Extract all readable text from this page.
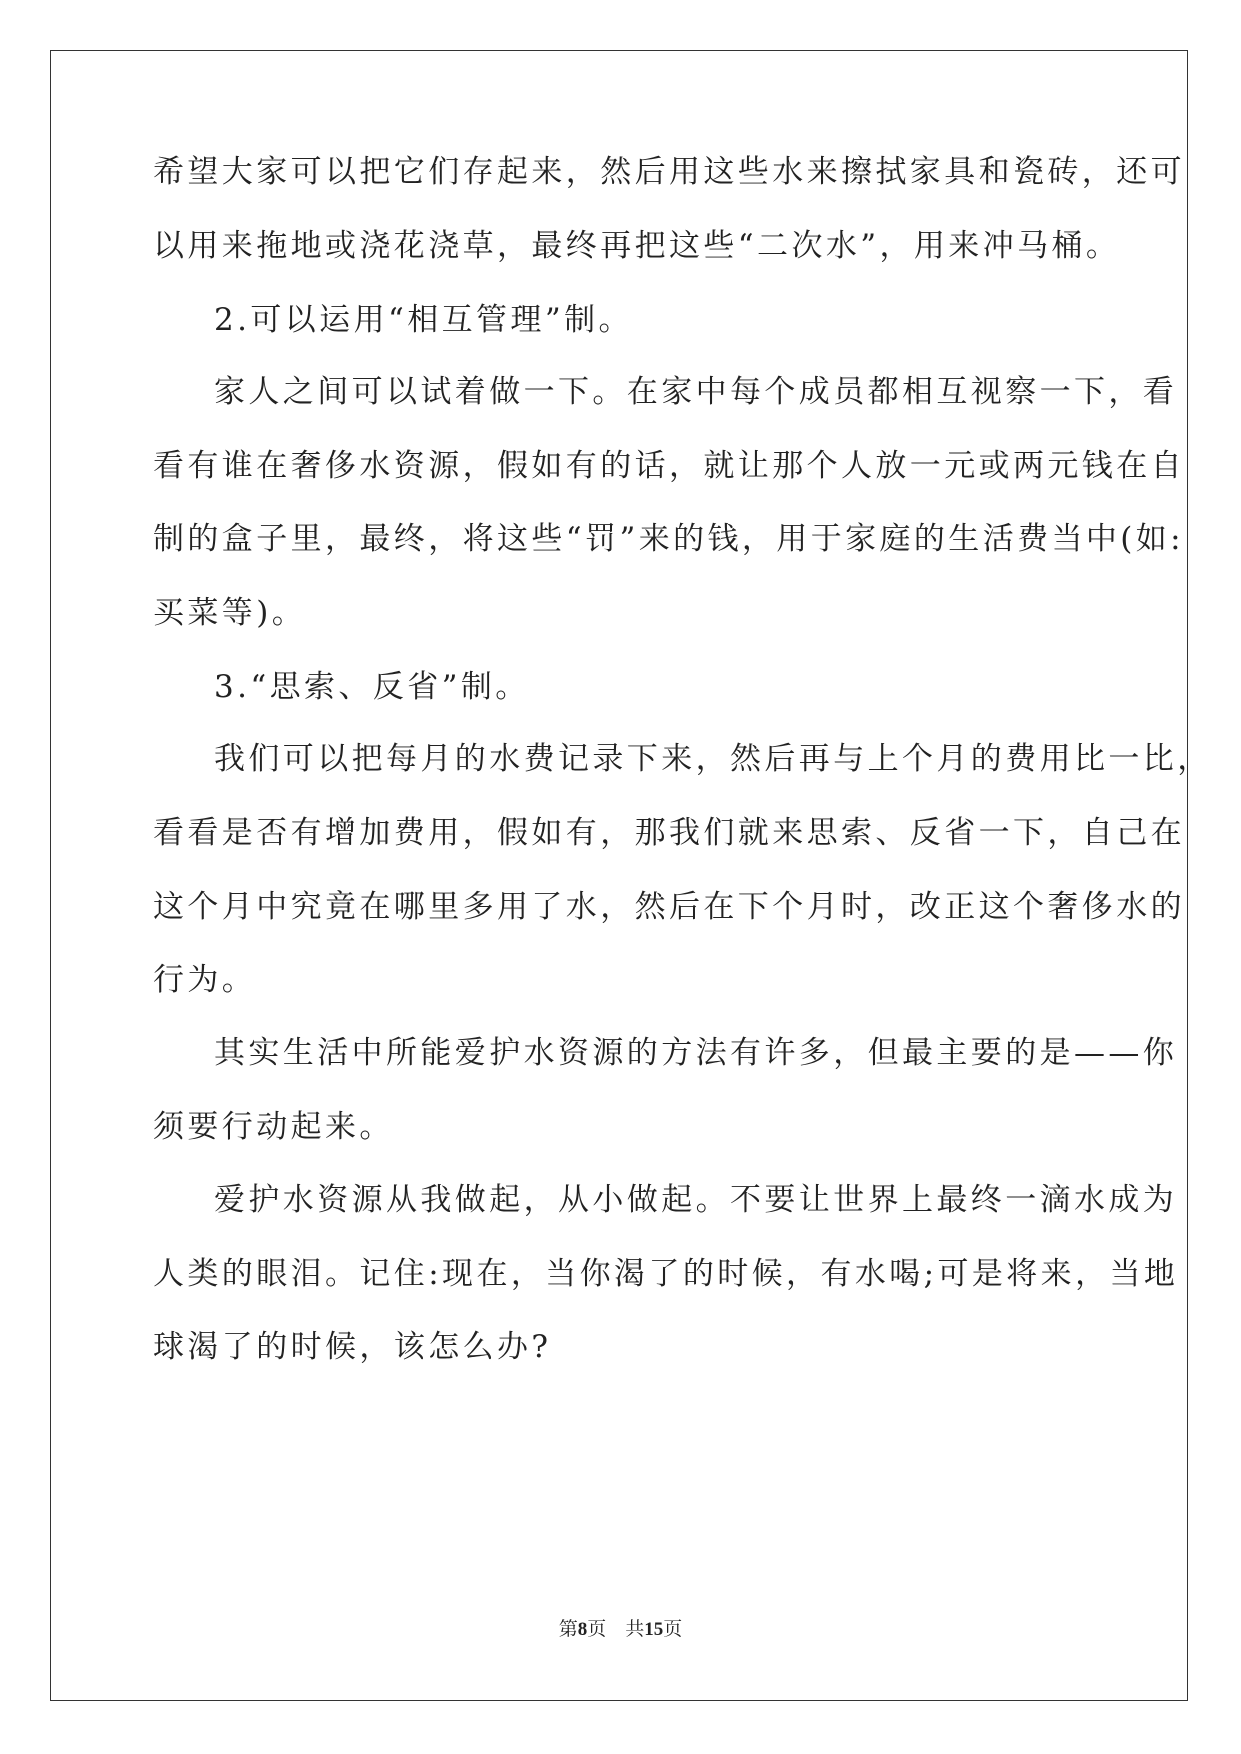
希望大家可以把它们存起来，然后用这些水来擦拭家具和瓷砖，还可
以用来拖地或浇花浇草，最终再把这些“二次水”，用来冲马桶。
2.可以运用“相互管理”制。
家人之间可以试着做一下。在家中每个成员都相互视察一下，看
看有谁在奢侈水资源，假如有的话，就让那个人放一元或两元钱在自
制的盒子里，最终，将这些“罚”来的钱，用于家庭的生活费当中(如:
买菜等)。
3.“思索、反省”制。
我们可以把每月的水费记录下来，然后再与上个月的费用比一比，
看看是否有增加费用，假如有，那我们就来思索、反省一下，自己在
这个月中究竟在哪里多用了水，然后在下个月时，改正这个奢侈水的
行为。
其实生活中所能爱护水资源的方法有许多，但最主要的是——你
须要行动起来。
爱护水资源从我做起，从小做起。不要让世界上最终一滴水成为
人类的眼泪。记住:现在，当你渴了的时候，有水喝;可是将来，当地
球渴了的时候，该怎么办?
第8页　共15页
